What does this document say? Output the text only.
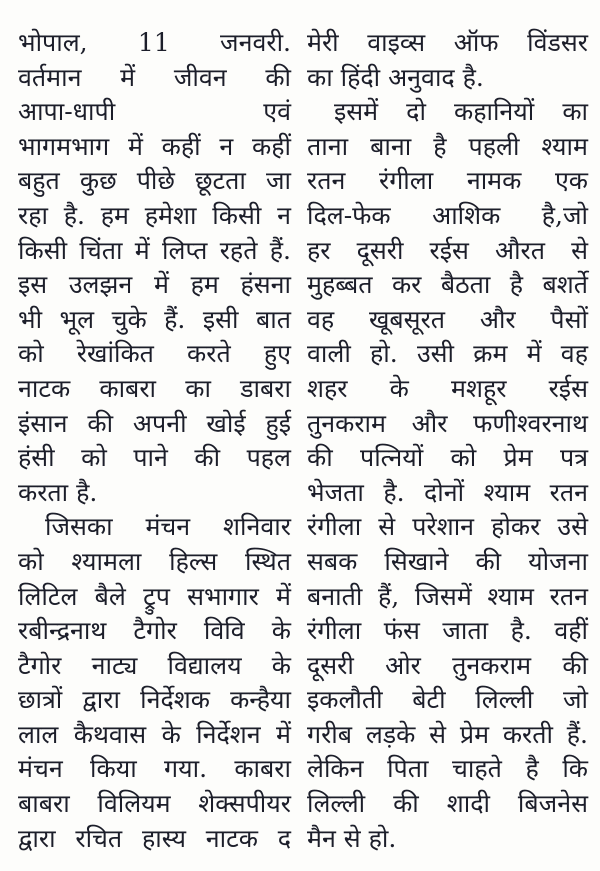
भोपाल, 11 जनवरी.
वर्तमान में जीवन की
आपा-धापी एवं
भागमभाग में कहीं न कहीं
बहुत कुछ पीछे छूटता जा
रहा है. हम हमेशा किसी न
किसी चिंता में लिप्त रहते हैं.
इस उलझन में हम हंसना
भी भूल चुके हैं. इसी बात
को रेखांकित करते हुए
नाटक काबरा का डाबरा
इंसान की अपनी खोई हुई
हंसी को पाने की पहल
करता है.
जिसका मंचन शनिवार
को श्यामला हिल्स स्थित
लिटिल बैले ट्रुप सभागार में
रबीन्द्रनाथ टैगोर विवि के
टैगोर नाट्य विद्यालय के
छात्रों द्वारा निर्देशक कन्हैया
लाल कैथवास के निर्देशन में
मंचन किया गया. काबरा
बाबरा विलियम शेक्सपीयर
द्वारा रचित हास्य नाटक द
मेरी वाइव्स ऑफ विंडसर
का हिंदी अनुवाद है.
इसमें दो कहानियों का
ताना बाना है पहली श्याम
रतन रंगीला नामक एक
दिल-फेक आशिक है,जो
हर दूसरी रईस औरत से
मुहब्बत कर बैठता है बशर्ते
वह खूबसूरत और पैसों
वाली हो. उसी क्रम में वह
शहर के मशहूर रईस
तुनकराम और फणीश्वरनाथ
की पत्नियों को प्रेम पत्र
भेजता है. दोनों श्याम रतन
रंगीला से परेशान होकर उसे
सबक सिखाने की योजना
बनाती हैं, जिसमें श्याम रतन
रंगीला फंस जाता है. वहीं
दूसरी ओर तुनकराम की
इकलौती बेटी लिल्ली जो
गरीब लड़के से प्रेम करती हैं.
लेकिन पिता चाहते है कि
लिल्ली की शादी बिजनेस
मैन से हो.
